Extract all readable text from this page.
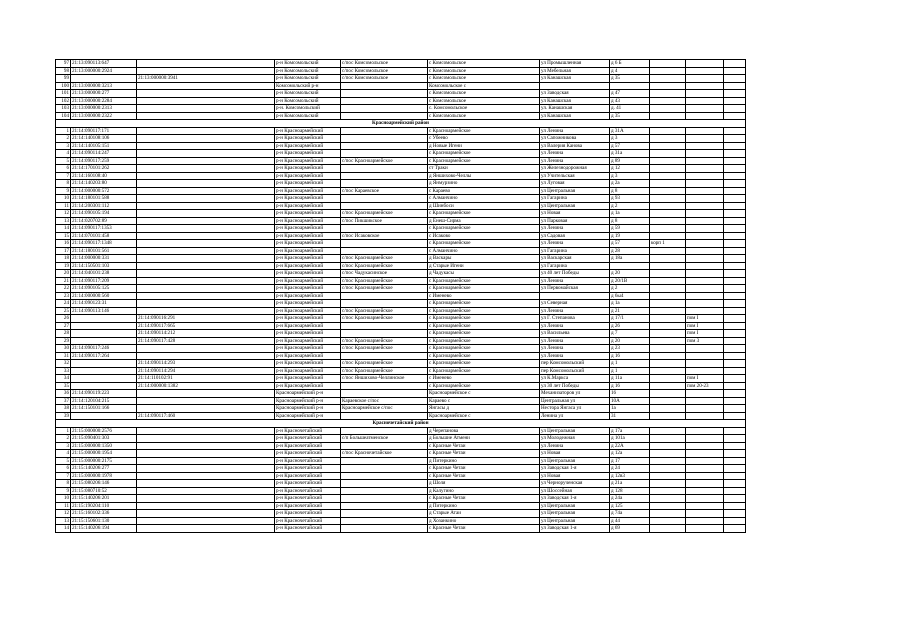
97	21:13:090113:647		р-н Комсомольский	с/пос Комсомольское	с Комсомольское	ул Промышленная	д 6 Б			
98	21:13:000000:2924		р-н Комсомольский	с/пос Комсомольское	с Комсомольское	ул Мебельная	д 4			
99		21:13:000000:3941	р-н Комсомольский	с/пос Комсомольское	с Комсомольское	ул Канашская	д 35			
100	21:13:000000:3213		Комсомольский р-н		Комсомольское с					
101	21:13:000000:277		р-н Комсомольский		с Комсомольское	ул Заводская	д 47			
102	21:13:000000:2284		р-н Комсомольский		с Комсомольское	ул Канашская	д 43			
103	21:13:000000:2313		р-н. Комсомольский		с. Комсомольское	ул. Канашская	д. 41			
104	21:13:000000:2322		р-н Комсомольский		с Комсомольское	ул Канашская	д 35			
Красноармейский район										
1	21:14:090117:171		р-н Красноармейский		с Красноармейское	ул Ленина	д 31А			
2	21:14:140108:106		р-н Красноармейский		с Убеево	ул Сапожникова	д 3			
3	21:14:140105:151		р-н Красноармейский		д Новые Игени	ул Валерия Канова	д 57			
4	21:14:090114:247		р-н Красноармейский		с Красноармейское	ул Ленина	д 31а			
5	21:14:090117:259		р-н Красноармейский	с/пос Красноармейское	с Красноармейское	ул Ленина	д 89			
6	21:14:170101:262		р-н Красноармейский		ст Траки	ул Железнодорожная	д 12			
7	21:14:160108:40		р-н Красноармейский		д Яншихово-Челлы	ул Учительская	д 3			
8	21:14:140203:80		р-н Красноармейский		д Янмурзино	ул Луговая	д 2а			
9	21:14:000000:572		р-н Красноармейский	с/пос Караевское	с Караево	ул Центральная	д 8			
10	21:14:180101:588		р-н Красноармейский		с Алманчино	ул Гагарина	д 93			
11	21:14:200301:112		р-н Красноармейский		д Шинбоси	ул Центральная	д 2			
12	21:14:090105:194		р-н Красноармейский	с/пос Красноармейское	с Красноармейское	ул Новая	д 1а			
13	21:14:020702:89		р-н Красноармейский	с/пос Пикшикское	д Енеш-Сирма	ул Парковая	д 8			
14	21:14:090117:1353		р-н Красноармейский		с Красноармейское	ул Ленина	д 59			
15	21:14:070101:458		р-н Красноармейский	с/пос Исаковское	с Исаково	ул Садовая	д 19			
16	21:14:090117:1348		р-н Красноармейский		с Красноармейское	ул Ленина	д 57	корп 1		
17	21:14:180101:561		р-н Красноармейский		с Алманчино	ул Гагарина	д 28			
18	21:14:000000:331		р-н Красноармейский	с/пос Красноармейское	д Васкары	ул Васкарская	д 18а			
19	21:14:150501:103		р-н Красноармейский	с/пос Красноармейское	д Старые Игени	ул Гагарина				
20	21:14:040101:238		р-н Красноармейский	с/пос Чадукасинское	д Чадукасы	ул 40 лет Победы	д 20			
21	21:14:090117:209		р-н Красноармейский	с/пос Красноармейское	с Красноармейское	ул Ленина	д 20/1В			
22	21:14:090105:125		р-н Красноармейский	с/пос Красноармейское	с Красноармейское	ул Первомайская	д 2			
23	21:14:000000:560		р-н Красноармейский		с Именево		д 6ы4			
24	21:14:090123:31		р-н Красноармейский		с Красноармейское	ул Северная	д 1а			
25	21:14:090113:146		р-н Красноармейский	с/пос Красноармейское	с Красноармейское	ул Ленина	д 21			
26		21:14:090116:291	р-н Красноармейский	с/пос Красноармейское	с Красноармейское	ул Г. Степанова	д 17/1		пом I	
27		21:14:090117:665	р-н Красноармейский		с Красноармейское	ул Ленина	д 26		пом I	
28		21:14:090114:212	р-н Красноармейский		с Красноармейское	ул Васильева	д 7		пом I	
29		21:14:090117:428	р-н Красноармейский	с/пос Красноармейское	с Красноармейское	ул Ленина	д 20		пом 3	
30	21:14:090117:246		р-н Красноармейский	с/пос Красноармейское	с Красноармейское	ул Ленина	д 23			
31	21:14:090117:264		р-н Красноармейский		с Красноармейское	ул Ленина	д 16			
32		21:14:090114:293	р-н Красноармейский	с/пос Красноармейское	с Красноармейское	пер Комсомольский	д 1			
33		21:14:090114:294	р-н Красноармейский	с/пос Красноармейское	с Красноармейское	пер Комсомольский	д 1			
34		21:14:110102:91	р-н Красноармейский	с/пос Яншихово-Челлинское	с Именево	ул К.Маркса	д 11а		пом I	
35		21:14:000000:1382	р-н Красноармейский		с Красноармейское	ул 30 лет Победы	д 16		пом 20-23	
36	21:14:090119:223		Красноармейский р-н		Красноармейское с	Механизаторов ул	16			
37	21:14:120104:215		Красноармейский р-н	Караевское с/пос	Караево с	Центральная ул	10А			
38	21:14:150101:166		Красноармейский р-н	Красноармейское с/пос	Янгасы д	Нестора Янгаса ул	1а			
39		21:14:090117:460	Красноармейский р-н		Красноармейское с	Ленина ул	31			
Красночетайский район										
1	21:15:000000:2576		р-н Красночетайский		д Черепанова	ул Центральная	д 17а			
2	21:15:090401:303		р-н Красночетайский	с/п Большеатменское	д Большие Атмени	ул Молодежная	д 101а			
3	21:15:000000:1350		р-н Красночетайский		с Красные Четаи	ул Ленина	д 22А			
4	21:15:000000:1954		р-н Красночетайский	с/пос Красночетайское	с Красные Четаи	ул Новая	д 12а			
5	21:15:000000:2175		р-н Красночетайский		д Питеркино	ул Центральная	д 17			
6	21:15:140206:277		р-н Красночетайский		с Красные Четаи	ул Заводская 1-я	д 24			
7	21:15:000000:1978		р-н Красночетайский		с Красные Четаи	ул Новая	д 12в3			
8	21:15:080206:146		р-н Красночетайский		д Шоля	ул Чернорученская	д 21а			
9	21:15:080710:52		р-н Красночетайский		д Калугино	ул Шоссейная	д 128			
10	21:15:140206:201		р-н Красночетайский		с Красные Четаи	ул Заводская 1-я	д 24а			
11	21:15:190204:110		р-н Красночетайский		д Питеркино	ул Центральная	д 125			
12	21:15:160102:336		р-н Красночетайский		д Старые Атаи	ул Центральная	д 74а			
13	21:15:150601:130		р-н Красночетайский		д Хозанкино	ул Центральная	д 44			
14	21:15:140206:194		р-н Красночетайский		с Красные Четаи	ул Заводская 1-я	д 69			
